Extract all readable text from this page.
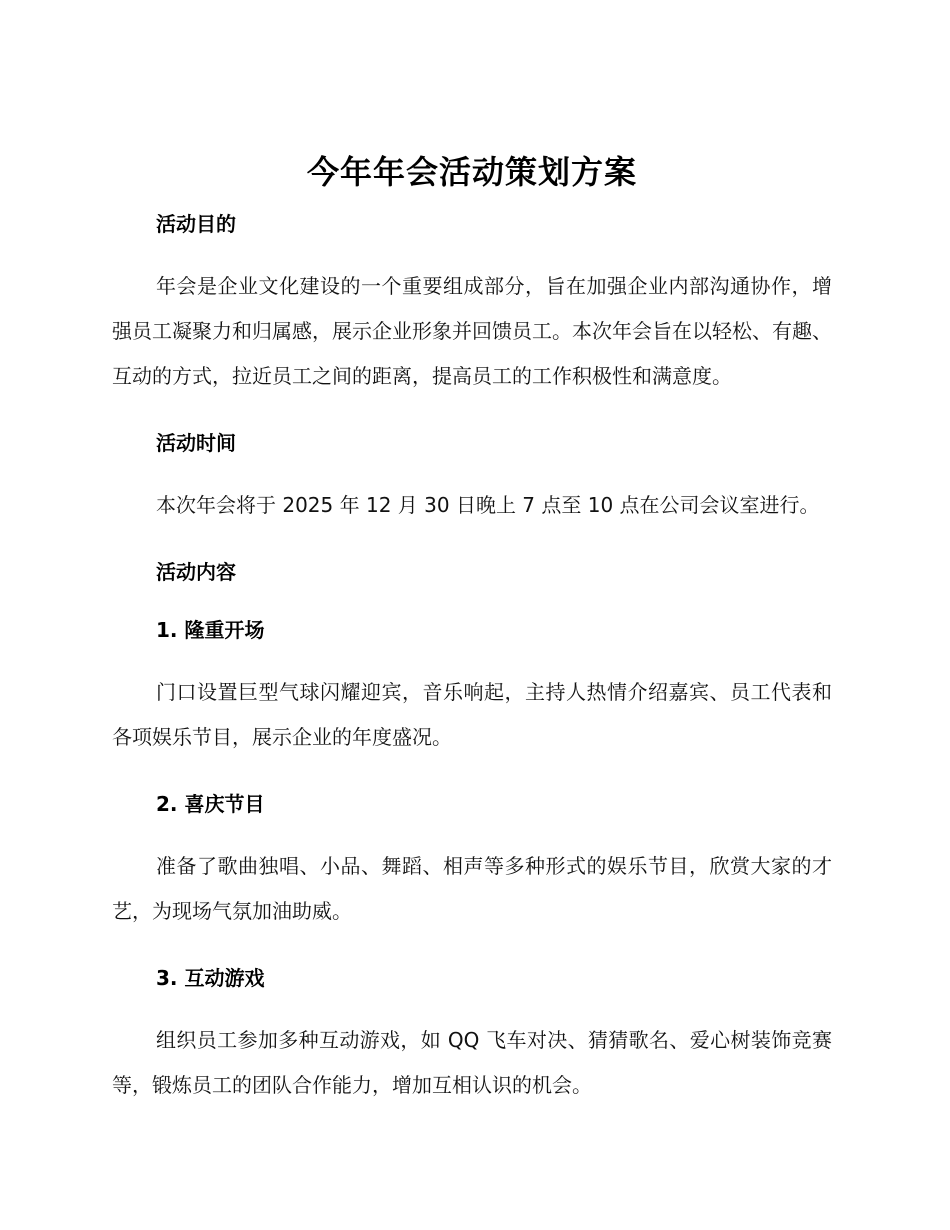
今年年会活动策划方案
活动目的

年会是企业文化建设的一个重要组成部分，旨在加强企业内部沟通协作，增强员工凝聚力和归属感，展示企业形象并回馈员工。本次年会旨在以轻松、有趣、互动的方式，拉近员工之间的距离，提高员工的工作积极性和满意度。

活动时间

本次年会将于 2025 年 12 月 30 日晚上 7 点至 10 点在公司会议室进行。

活动内容
1. 隆重开场

门口设置巨型气球闪耀迎宾，音乐响起，主持人热情介绍嘉宾、员工代表和各项娱乐节目，展示企业的年度盛况。

2. 喜庆节目

准备了歌曲独唱、小品、舞蹈、相声等多种形式的娱乐节目，欣赏大家的才艺，为现场气氛加油助威。

3. 互动游戏

组织员工参加多种互动游戏，如 QQ 飞车对决、猜猜歌名、爱心树装饰竞赛等，锻炼员工的团队合作能力，增加互相认识的机会。
